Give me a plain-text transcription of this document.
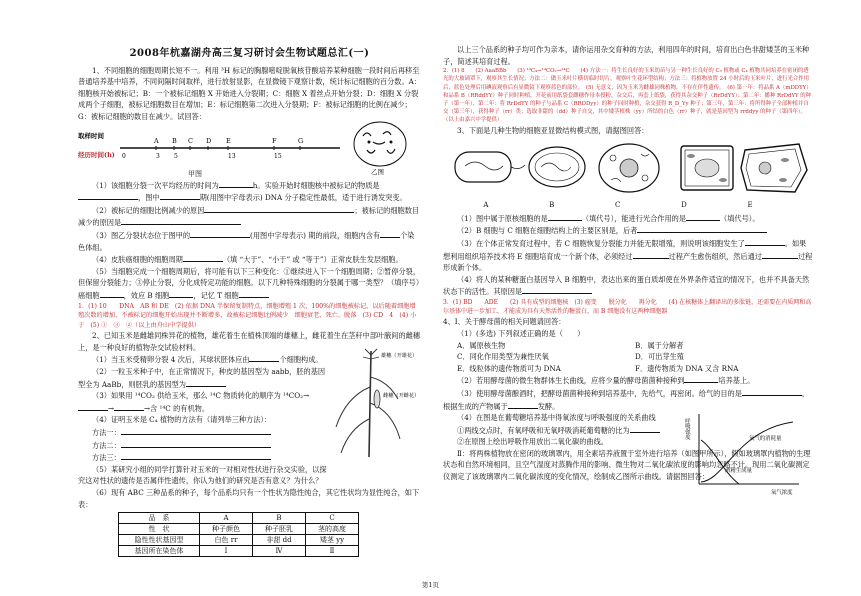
2008年杭嘉湖舟高三复习研讨会生物试题总汇(一)

1、不同细胞的细胞周期长短不一。利用 ³H 标记的胸腺嘧啶脱氧核苷酸培养某种细胞一段时间后再移至普通培养基中培养，不同间隔时间取样，进行放射显影，在显微镜下观察计数，统计标记细胞的百分数。A：细胞核开始被标记；B：一个被标记细胞 X 开始进入分裂期；C：细胞 X 着丝点开始分裂；D：细胞 X 分裂成两个子细胞，被标记细胞数目在增加；E：标记细胞第二次进入分裂期；F：被标记细胞的比例在减少；G：被标记细胞的数目在减少。试回答：

取样时间
经历时间(h)
A B C D E	F	G
0	3 5	13	15
甲图	乙图

（1）该细胞分裂一次平均经历的时间为	h。实验开始时细胞核中被标记的物质是，图中	期(用图中字母表示) DNA 分子稳定性最低，适于进行诱发突变。

（2）被标记的细胞比例减少的原因	；被标记的细胞数目减少的原因是

（3）图乙分裂状态位于图甲的	(用图中字母表示) 期的前段，细胞内含有	个染色体组。

（4）皮肤癌细胞的细胞周期	（填 “大于”、“小于” 或 “等于”）正常皮肤生发层细胞。

（5）当细胞完成一个细胞周期后，将可能有以下三种变化：①继续进入下一个细胞周期；②暂停分裂，但保留分裂能力；③停止分裂，分化成特定功能的细胞。以下几种特殊细胞的分裂属于哪一类型？（填序号）癌细胞	，效应 B 细胞	，记忆 T 细胞

1．(1) 10　　DNA　AB 和 DE　(2) 依据 DNA 半保留复制特点，细胞增殖 1 次，100%的细胞被标记，以后随着细胞增殖次数的增加，不被标记的细胞开始出现并不断增多，故被标记细胞比例减少　细胞衰老、死亡、脱落　(3) CD　4　(4) 小于　(5) ①　③　②（以上由舟山中学提供）

2、已知玉米是雌雄同株异花的植物，雄花着生在植株顶端的雄穗上，雌花着生在茎秆中部叶腋间的雌穗上，是一种良好的植物杂交试验材料。

雄穗（开雄花）
雌穗（开雌花）

（1）当玉米受精卵分裂 4 次后，其球状胚体应由	个细胞构成。

（2）一粒玉米种子中，在正常情况下，种皮的基因型为 aabb，胚的基因型全为 AaBb，则胚乳的基因型为

（3）如果用 ¹⁴CO₂ 供给玉米，那么 ¹⁴C 物质转化的顺序为 ¹⁴CO₂→→	→含 ¹⁴C 的有机物。

（4）证明玉米是 C₄ 植物的方法有（请列举三种方法）：

方法一：

方法二：

方法三：

（5）某研究小组的同学打算针对玉米的一对相对性状进行杂交实验，以探究这对性状的遗传是否属伴性遗传，你认为他们的研究是否有意义？为什么？

（6）现有 ABC 三种品系的种子，每个品系均只有一个性状为隐性纯合，其它性状均为显性纯合，如下表：

品　系	A	B	C
性　状	种子颜色	种子胚乳	茎的高度
隐性性状基因型	白色 rr	非甜 dd	矮茎 yy
基因所在染色体	Ⅰ	Ⅳ	Ⅱ

以上三个品系的种子均可作为亲本，请你运用杂交育种的方法，利用四年的时间，培育出白色非甜矮茎的玉米种子，简述其培育过程。

2．(1) 8　　(2) AaaBBb　　(3) ¹⁴C₄→¹⁴CO₂→¹⁴C　　(4) 方法一：将生长良好的玉米幼苗与另一种生长良好的 C₃ 植物或 C₄ 植物共同培养在密闭的透光的大玻璃罩下，观察其生长情况；方法二：做玉米叶片横切临时切片，观察叶生花环型结构；方法三：将植物放置 24 小时后的玉米叶片，进行光合作用后，蓝色处理后用碘液观察后有显微镜下观察蓝色的部位。　(5) 无意义，因为玉米为雌雄同株植物，不存在伴性遗传。　(6) 第一年：将品系 A（mDDYY）和品系 B（RRddYY）种子同时种植，开花前用纸袋套雌穗作母本授粉，杂交后，再套上纸袋，获得其杂交种子（RrDdYY）；第二年：播种 RrDdYY 的种子（第一年），第二年：将 RrDdYY 的种子与品系 C（RRDDyy）的种子同时种植，杂交获得 R_D_Yy 种子；第三年，第三年：将所得种子全部种植并自交（第三年），获得种子（rr）类；选取非甜的（dd）种子自交，其中矮茎植株（yy）所结的白色（rr）种子，就是基因型为 rrddyy 的种子（第四年）。（以上由嘉兴中学提供）

3、下面是几种生物的细胞亚显微结构模式图，请据图回答：

A	B	C	D	E

（1）图中属于原核细胞的是	（填代号），能进行光合作用的是	（填代号）。

（2）B 细胞与 C 细胞在细胞结构上的主要区别是，后者

（3）在个体正常发育过程中，若 C 细胞恢复分裂能力并能无限增殖，则说明该细胞发生了	。如果想利用组织培养技术将 E 细胞培育成一个新个体，必须经过	过程产生愈伤组织，然后通过	过程形成新个体。

（4）将人的某种糖蛋白基因导入 B 细胞中，表达出来的蛋白质却使在外界条件适宜的情况下，也并不具备天然状态下的活性。其原因是

3．(1) BD　　ADE　　(2) 具有成型的细胞核　(3) 癌变　　脱分化　　再分化　　(4) 在核糖体上翻译出的多肽链，还需要在内质网和高尔基体中进一步加工，才能成为具有天然活性的糖蛋白，而 B 细胞没有这两种细胞器

4、Ⅰ、关于酵母菌的相关问题请回答：

（1）(多选) 下列叙述正确的是（　　）

A．属原核生物	B．属于分解者
C．同化作用类型为兼性厌氧	D．可出芽生殖
E．线粒体的遗传物质可为 DNA	F．遗传物质为 DNA 又含 RNA

（2）若用酵母菌的微生物群体生长曲线，应将少量的酵母菌菌种接种到	培养基上。

（3）使用酵母菌酿酒时，把酵母菌菌种接种到培养基中，先给气，再密闭。给气的目的是	，根据生成的产物属于	发酵。

呼吸强度
氧气浓度
氧气的消耗量
酒精生成量

（4）在图是在葡萄糖培养基中得氧浓度与呼吸强度的关系曲线

①两线交点时，有氧呼吸和无氧呼吸消耗葡萄糖的比为

②在原图上绘出呼吸作用放出二氧化碳的曲线。

Ⅱ：将两株植物放在密闭的玻璃罩内，用全素培养液置于室外进行培养（如图甲所示），假如玻璃罩内植物的生理状态和自然环境相同，且空气湿度对蒸腾作用的影响、微生物对二氧化碳浓度的影响均忽略不计。现用二氧化碳测定仪测定了该玻璃罩内二氧化碳浓度的变化情况，绘制成乙图所示曲线。请据图回答：

第1页
